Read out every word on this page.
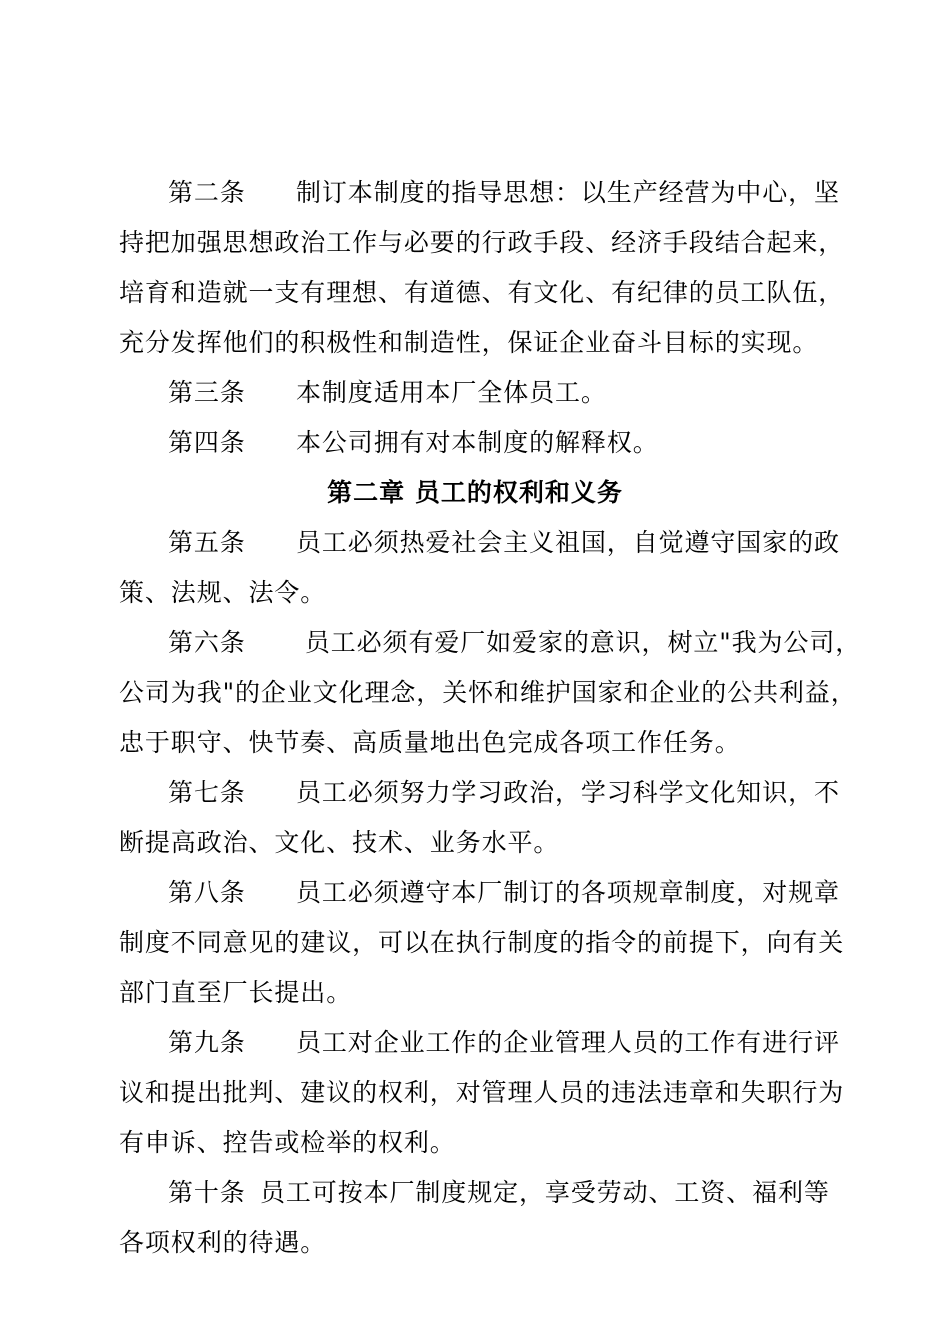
第二条 制订本制度的指导思想：以生产经营为中心，坚
持把加强思想政治工作与必要的行政手段、经济手段结合起来，
培育和造就一支有理想、有道德、有文化、有纪律的员工队伍，
充分发挥他们的积极性和制造性，保证企业奋斗目标的实现。
第三条 本制度适用本厂全体员工。
第四条 本公司拥有对本制度的解释权。
第二章 员工的权利和义务
第五条 员工必须热爱社会主义祖国，自觉遵守国家的政
策、法规、法令。
第六条 员工必须有爱厂如爱家的意识，树立"我为公司，
公司为我"的企业文化理念，关怀和维护国家和企业的公共利益，
忠于职守、快节奏、高质量地出色完成各项工作任务。
第七条 员工必须努力学习政治，学习科学文化知识，不
断提高政治、文化、技术、业务水平。
第八条 员工必须遵守本厂制订的各项规章制度，对规章
制度不同意见的建议，可以在执行制度的指令的前提下，向有关
部门直至厂长提出。
第九条 员工对企业工作的企业管理人员的工作有进行评
议和提出批判、建议的权利，对管理人员的违法违章和失职行为
有申诉、控告或检举的权利。
第十条 员工可按本厂制度规定，享受劳动、工资、福利等
各项权利的待遇。
